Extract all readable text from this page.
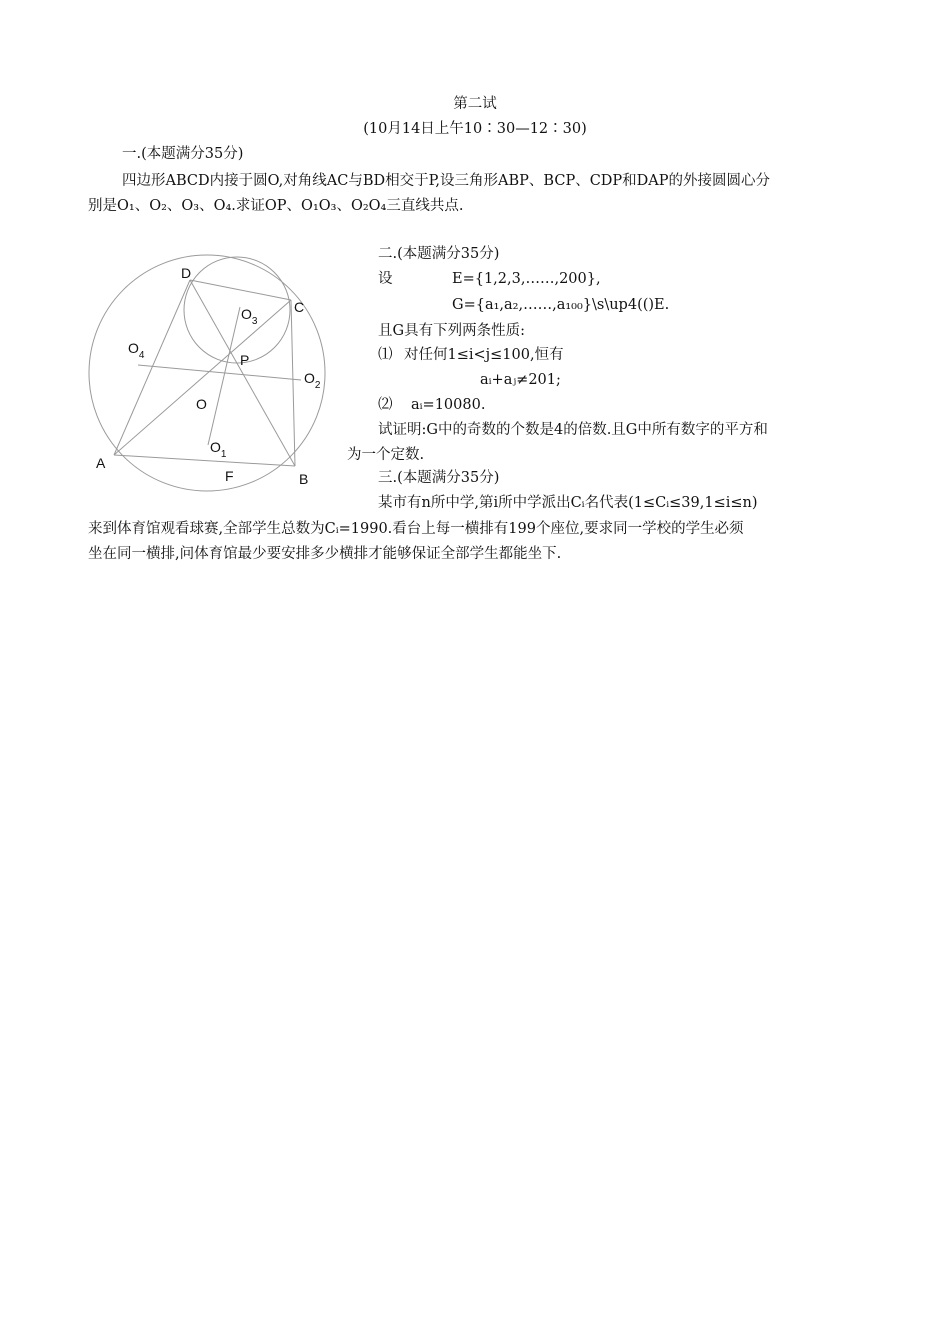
第二试
(10月14日上午10∶30—12∶30)
一.(本题满分35分)
四边形ABCD内接于圆O,对角线AC与BD相交于P,设三角形ABP、BCP、CDP和DAP的外接圆圆心分
别是O₁、O₂、O₃、O₄.求证OP、O₁O₃、O₂O₄三直线共点.
D
C
$O_3$
$O_4$	P
$O_2$
O
$O_1$
A
F	B
二.(本题满分35分)
设	E={1,2,3,……,200},
G={a₁,a₂,……,a₁₀₀}\s\up4(()E.
且G具有下列两条性质:
⑴ 对任何1≤i<j≤100,恒有
aᵢ+aⱼ≠201;
⑵ aᵢ=10080.
试证明:G中的奇数的个数是4的倍数.且G中所有数字的平方和
为一个定数.
三.(本题满分35分)
某市有n所中学,第i所中学派出Cᵢ名代表(1≤Cᵢ≤39,1≤i≤n)
来到体育馆观看球赛,全部学生总数为Cᵢ=1990.看台上每一横排有199个座位,要求同一学校的学生必须
坐在同一横排,问体育馆最少要安排多少横排才能够保证全部学生都能坐下.
